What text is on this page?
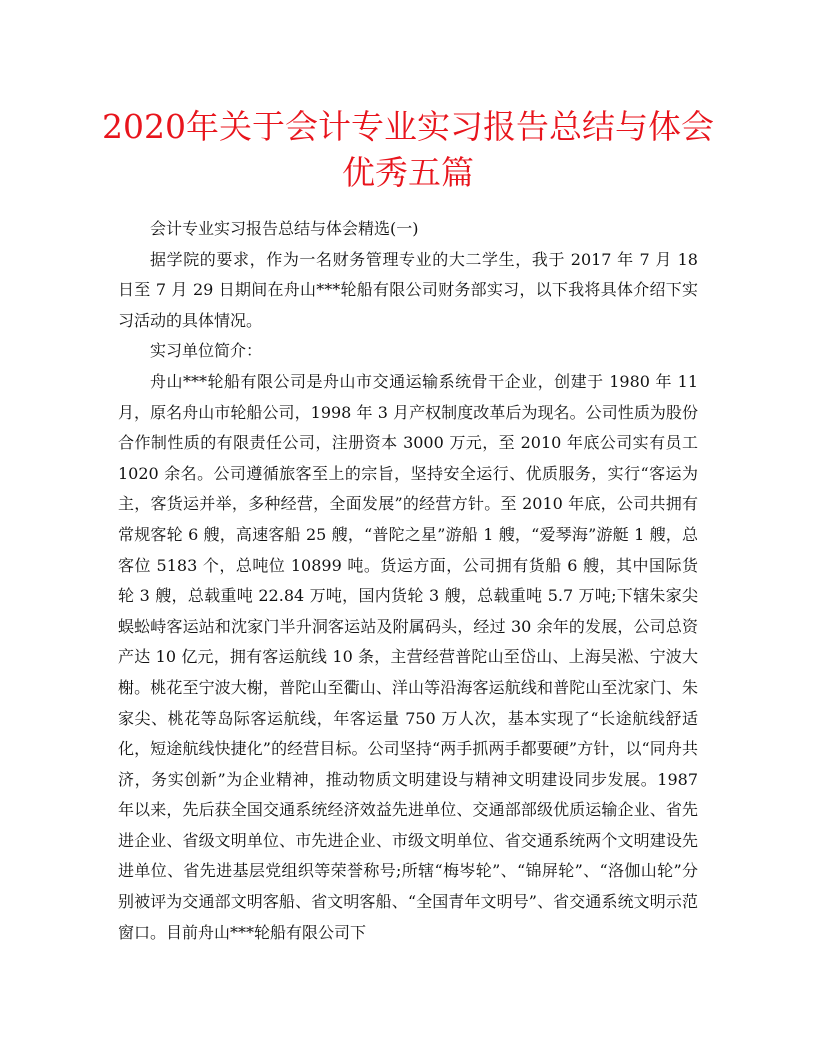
2020年关于会计专业实习报告总结与体会优秀五篇

会计专业实习报告总结与体会精选(一)

据学院的要求，作为一名财务管理专业的大二学生，我于 2017 年 7 月 18 日至 7 月 29 日期间在舟山***轮船有限公司财务部实习，以下我将具体介绍下实习活动的具体情况。

实习单位简介：

舟山***轮船有限公司是舟山市交通运输系统骨干企业，创建于 1980 年 11 月，原名舟山市轮船公司，1998 年 3 月产权制度改革后为现名。公司性质为股份合作制性质的有限责任公司，注册资本 3000 万元，至 2010 年底公司实有员工 1020 余名。公司遵循旅客至上的宗旨，坚持安全运行、优质服务，实行“客运为主，客货运并举，多种经营，全面发展”的经营方针。至 2010 年底，公司共拥有常规客轮 6 艘，高速客船 25 艘，“普陀之星”游船 1 艘，“爱琴海”游艇 1 艘，总客位 5183 个，总吨位 10899 吨。货运方面，公司拥有货船 6 艘，其中国际货轮 3 艘，总载重吨 22.84 万吨，国内货轮 3 艘，总载重吨 5.7 万吨;下辖朱家尖蜈蚣峙客运站和沈家门半升洞客运站及附属码头，经过 30 余年的发展，公司总资产达 10 亿元，拥有客运航线 10 条，主营经营普陀山至岱山、上海吴淞、宁波大榭。桃花至宁波大榭，普陀山至衢山、洋山等沿海客运航线和普陀山至沈家门、朱家尖、桃花等岛际客运航线，年客运量 750 万人次，基本实现了“长途航线舒适化，短途航线快捷化”的经营目标。公司坚持“两手抓两手都要硬”方针，以“同舟共济，务实创新”为企业精神，推动物质文明建设与精神文明建设同步发展。1987 年以来，先后获全国交通系统经济效益先进单位、交通部部级优质运输企业、省先进企业、省级文明单位、市先进企业、市级文明单位、省交通系统两个文明建设先进单位、省先进基层党组织等荣誉称号;所辖“梅岑轮”、“锦屏轮”、“洛伽山轮”分别被评为交通部文明客船、省文明客船、“全国青年文明号”、省交通系统文明示范窗口。目前舟山***轮船有限公司下
